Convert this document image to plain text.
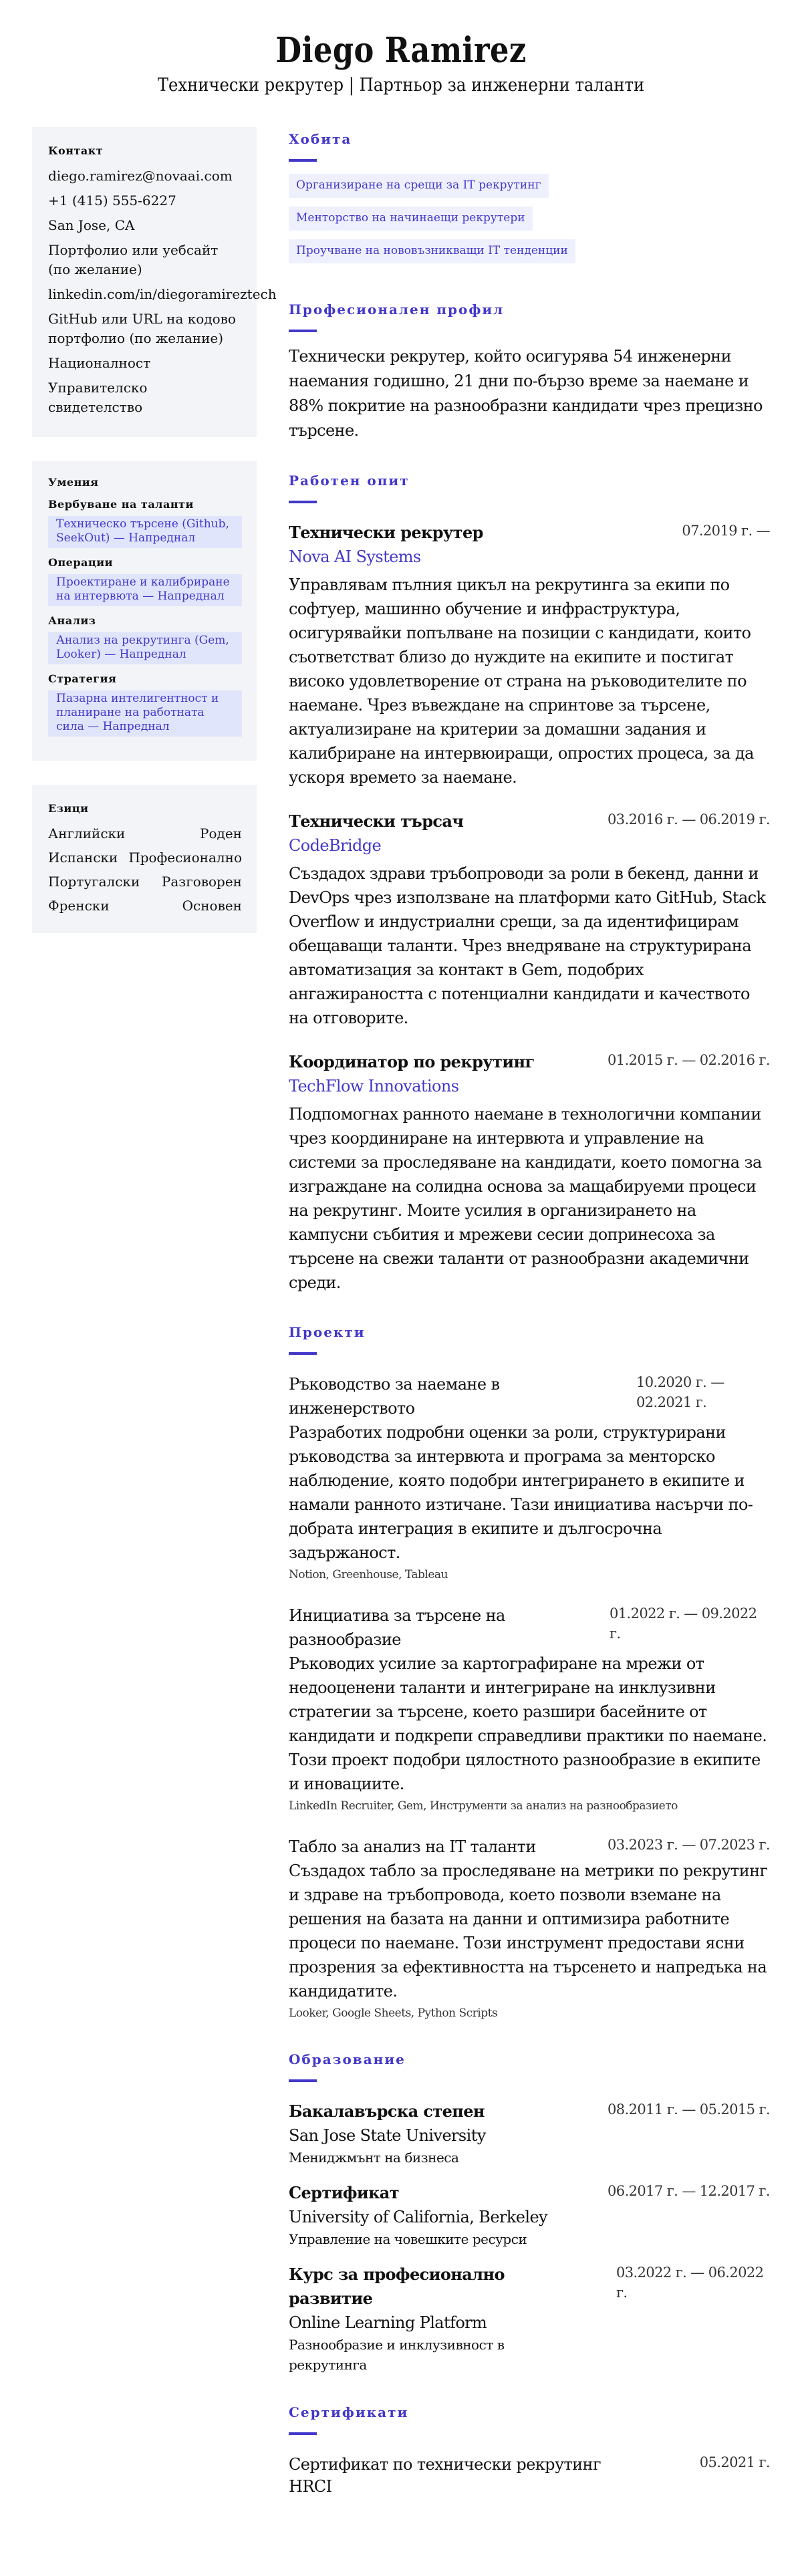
Diego Ramirez
Технически рекрутер | Партньор за инженерни таланти
Контакт
diego.ramirez@novaai.com
+1 (415) 555-6227
San Jose, CA
Портфолио или уебсайт (по желание)
linkedin.com/in/diegoramireztech
GitHub или URL на кодово портфолио (по желание)
Националност
Управителско свидетелство
Умения
Вербуване на таланти
Техническо търсене (Github, SeekOut) — Напреднал
Операции
Проектиране и калибриране на интервюта — Напреднал
Анализ
Анализ на рекрутинга (Gem, Looker) — Напреднал
Стратегия
Пазарна интелигентност и планиране на работната сила — Напреднал
Езици
Английски	Роден
Испански Професионално
Португалски Разговорен
Френски	Основен
Хобита
Организиране на срещи за IT рекрутинг
Менторство на начинаещи рекрутери
Проучване на нововъзникващи IT тенденции
Професионален профил

Технически рекрутер, който осигурява 54 инженерни наемания годишно, 21 дни по-бързо време за наемане и 88% покритие на разнообразни кандидати чрез прецизно търсене.

Работен опит
Технически рекрутер	07.2019 г. —
Nova AI Systems

Управлявам пълния цикъл на рекрутинга за екипи по софтуер, машинно обучение и инфраструктура, осигурявайки попълване на позиции с кандидати, които съответстват близо до нуждите на екипите и постигат високо удовлетворение от страна на ръководителите по наемане. Чрез въвеждане на спринтове за търсене, актуализиране на критерии за домашни задания и калибриране на интервюиращи, опростих процеса, за да ускоря времето за наемане.

Технически търсач	03.2016 г. — 06.2019 г.
CodeBridge

Създадох здрави тръбопроводи за роли в бекенд, данни и DevOps чрез използване на платформи като GitHub, Stack Overflow и индустриални срещи, за да идентифицирам обещаващи таланти. Чрез внедряване на структурирана автоматизация за контакт в Gem, подобрих ангажираността с потенциални кандидати и качеството на отговорите.

Координатор по рекрутинг	01.2015 г. — 02.2016 г.
TechFlow Innovations

Подпомогнах ранното наемане в технологични компании чрез координиране на интервюта и управление на системи за проследяване на кандидати, което помогна за изграждане на солидна основа за мащабируеми процеси на рекрутинг. Моите усилия в организирането на кампусни събития и мрежеви сесии допринесоха за търсене на свежи таланти от разнообразни академични среди.

Проекти
Ръководство за наемане в инженерството
10.2020 г. — 02.2021 г.

Разработих подробни оценки за роли, структурирани ръководства за интервюта и програма за менторско наблюдение, която подобри интегрирането в екипите и намали ранното изтичане. Тази инициатива насърчи по-добрата интеграция в екипите и дългосрочна задържаност.

Notion, Greenhouse, Tableau
Инициатива за търсене на разнообразие
01.2022 г. — 09.2022 г.

Ръководих усилие за картографиране на мрежи от недооценени таланти и интегриране на инклузивни стратегии за търсене, което разшири басейните от кандидати и подкрепи справедливи практики по наемане. Този проект подобри цялостното разнообразие в екипите и иновациите.

LinkedIn Recruiter, Gem, Инструменти за анализ на разнообразието
Табло за анализ на IT таланти	03.2023 г. — 07.2023 г.

Създадох табло за проследяване на метрики по рекрутинг и здраве на тръбопровода, което позволи вземане на решения на базата на данни и оптимизира работните процеси по наемане. Този инструмент предостави ясни прозрения за ефективността на търсенето и напредъка на кандидатите.

Looker, Google Sheets, Python Scripts
Образование
Бакалавърска степен	08.2011 г. — 05.2015 г.
San Jose State University
Мениджмънт на бизнеса
Сертификат	06.2017 г. — 12.2017 г.
University of California, Berkeley
Управление на човешките ресурси
Курс за професионално развитие
03.2022 г. — 06.2022 г.
Online Learning Platform
Разнообразие и инклузивност в рекрутинга
Сертификати
Сертификат по технически рекрутинг	05.2021 г.
HRCI
